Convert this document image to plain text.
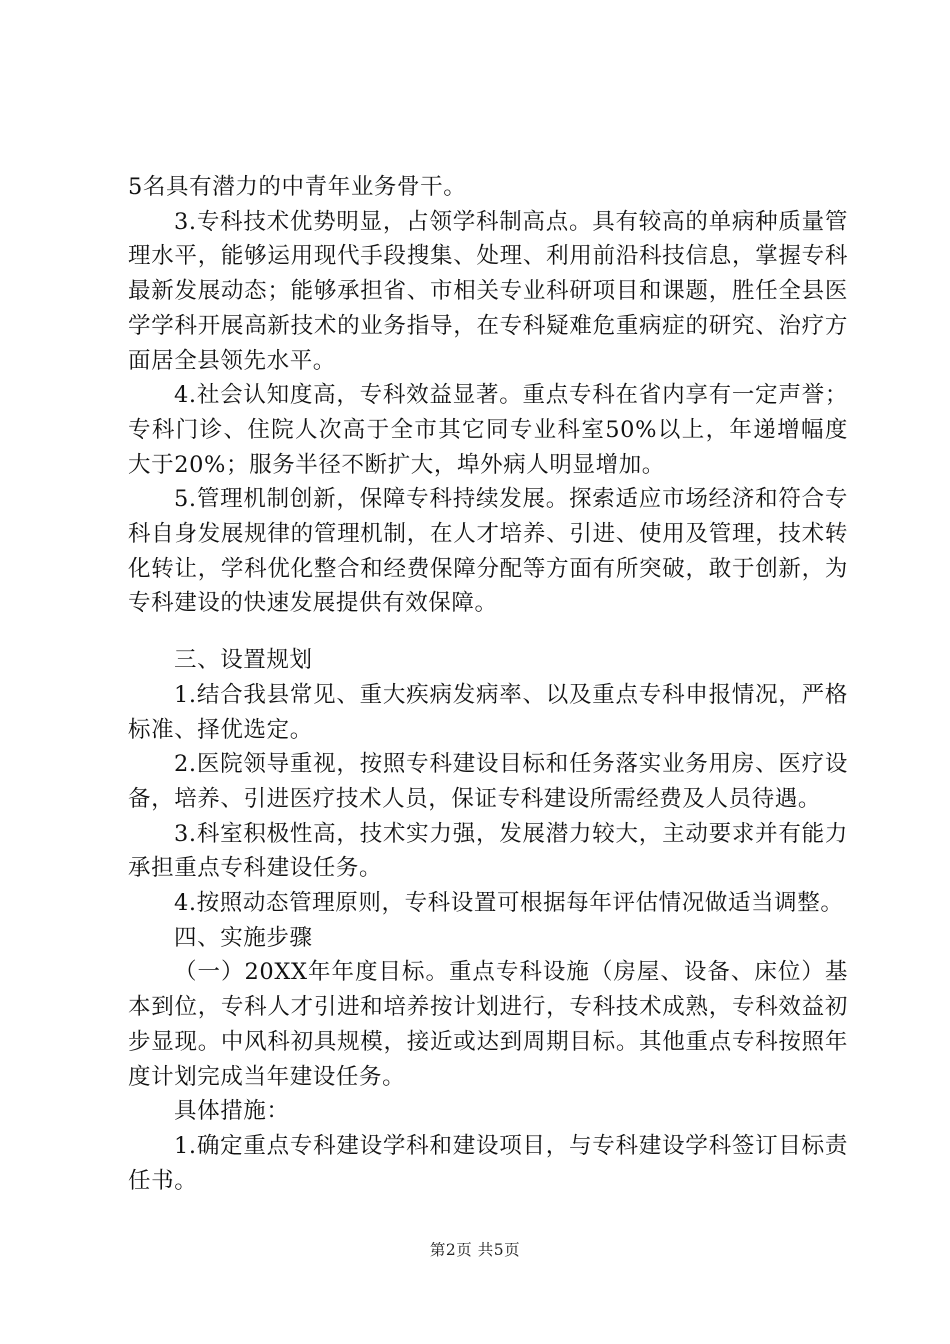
5名具有潜力的中青年业务骨干。

3.专科技术优势明显，占领学科制高点。具有较高的单病种质量管理水平，能够运用现代手段搜集、处理、利用前沿科技信息，掌握专科最新发展动态；能够承担省、市相关专业科研项目和课题，胜任全县医学学科开展高新技术的业务指导，在专科疑难危重病症的研究、治疗方面居全县领先水平。

4.社会认知度高，专科效益显著。重点专科在省内享有一定声誉；专科门诊、住院人次高于全市其它同专业科室50%以上，年递增幅度大于20%；服务半径不断扩大，埠外病人明显增加。

5.管理机制创新，保障专科持续发展。探索适应市场经济和符合专科自身发展规律的管理机制，在人才培养、引进、使用及管理，技术转化转让，学科优化整合和经费保障分配等方面有所突破，敢于创新，为专科建设的快速发展提供有效保障。

三、设置规划

1.结合我县常见、重大疾病发病率、以及重点专科申报情况，严格标准、择优选定。

2.医院领导重视，按照专科建设目标和任务落实业务用房、医疗设备，培养、引进医疗技术人员，保证专科建设所需经费及人员待遇。

3.科室积极性高，技术实力强，发展潜力较大，主动要求并有能力承担重点专科建设任务。

4.按照动态管理原则，专科设置可根据每年评估情况做适当调整。

四、实施步骤

（一）20XX年年度目标。重点专科设施（房屋、设备、床位）基本到位，专科人才引进和培养按计划进行，专科技术成熟，专科效益初步显现。中风科初具规模，接近或达到周期目标。其他重点专科按照年度计划完成当年建设任务。

具体措施：

1.确定重点专科建设学科和建设项目，与专科建设学科签订目标责任书。

第2页 共5页
